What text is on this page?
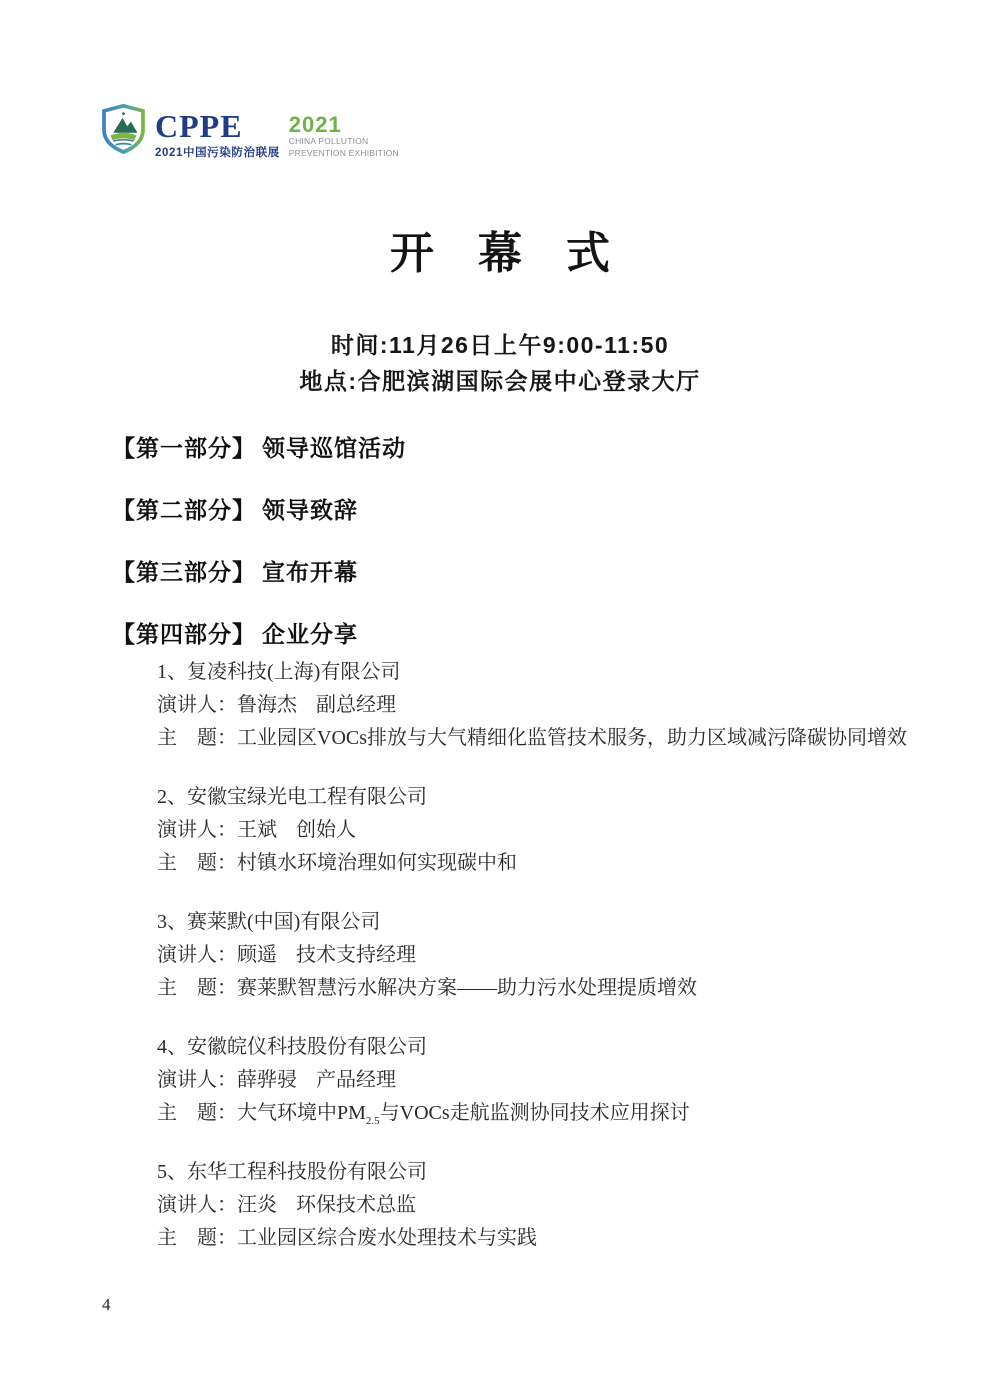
CPPE
2021中国污染防治联展
2021
CHINA POLLUTION
PREVENTION EXHIBITION
开幕式
时间:11月26日上午9:00-11:50
地点:合肥滨湖国际会展中心登录大厅
【第一部分】 领导巡馆活动
【第二部分】 领导致辞
【第三部分】 宣布开幕
【第四部分】 企业分享
1、复凌科技(上海)有限公司
演讲人：鲁海杰 副总经理
主　题：工业园区VOCs排放与大气精细化监管技术服务，助力区域减污降碳协同增效
2、安徽宝绿光电工程有限公司
演讲人：王斌 创始人
主　题：村镇水环境治理如何实现碳中和
3、赛莱默(中国)有限公司
演讲人：顾遥 技术支持经理
主　题：赛莱默智慧污水解决方案——助力污水处理提质增效
4、安徽皖仪科技股份有限公司
演讲人：薛骅骎 产品经理
主　题：大气环境中$PM_{2.5}$与VOCs走航监测协同技术应用探讨
5、东华工程科技股份有限公司
演讲人：汪炎 环保技术总监
主　题：工业园区综合废水处理技术与实践
4
